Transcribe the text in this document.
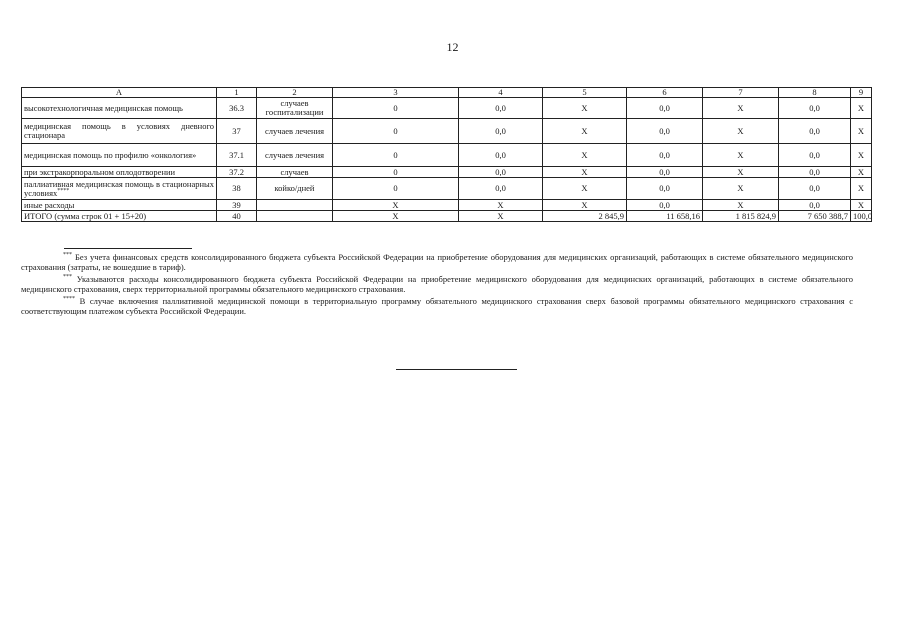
12
А	1	2	3	4	5	6	7	8	9
высокотехнологичная медицинская помощь	36.3	случаев госпитализации	0	0,0	X	0,0	X	0,0	X
медицинская помощь в условиях дневного стационара	37	случаев лечения	0	0,0	X	0,0	X	0,0	X
медицинская помощь по профилю «онкология»	37.1	случаев лечения	0	0,0	X	0,0	X	0,0	X
при экстракорпоральном оплодотворении	37.2	случаев	0	0,0	X	0,0	X	0,0	X
паллиативная медицинская помощь в стационарных условиях****	38	койко/дней	0	0,0	X	0,0	X	0,0	X
иные расходы	39		X	X	X	0,0	X	0,0	X
ИТОГО (сумма строк 01 + 15+20)	40		X	X	2 845,9	11 658,16	1 815 824,9	7 650 388,7	100,0

*** Без учета финансовых средств консолидированного бюджета субъекта Российской Федерации на приобретение оборудования для медицинских организаций, работающих в системе обязательного медицинского страхования (затраты, не вошедшие в тариф).

*** Указываются расходы консолидированного бюджета субъекта Российской Федерации на приобретение медицинского оборудования для медицинских организаций, работающих в системе обязательного медицинского страхования, сверх территориальной программы обязательного медицинского страхования.

**** В случае включения паллиативной медицинской помощи в территориальную программу обязательного медицинского страхования сверх базовой программы обязательного медицинского страхования с соответствующим платежом субъекта Российской Федерации.
